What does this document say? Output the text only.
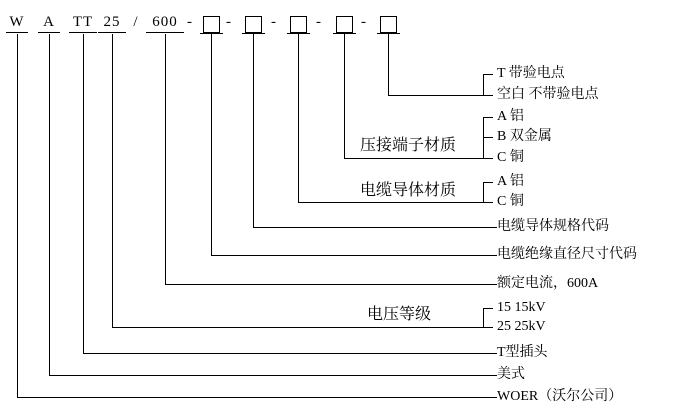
W	A	TT 25 / 600 - -	-	-	-
压接端子材质
电缆导体材质
电压等级
T 带验电点
空白 不带验电点
A 铝
B 双金属
C 铜
A 铝
C 铜
电缆导体规格代码
电缆绝缘直径尺寸代码
额定电流，600A
15 15kV
25 25kV
T型插头
美式
WOER（沃尔公司）
